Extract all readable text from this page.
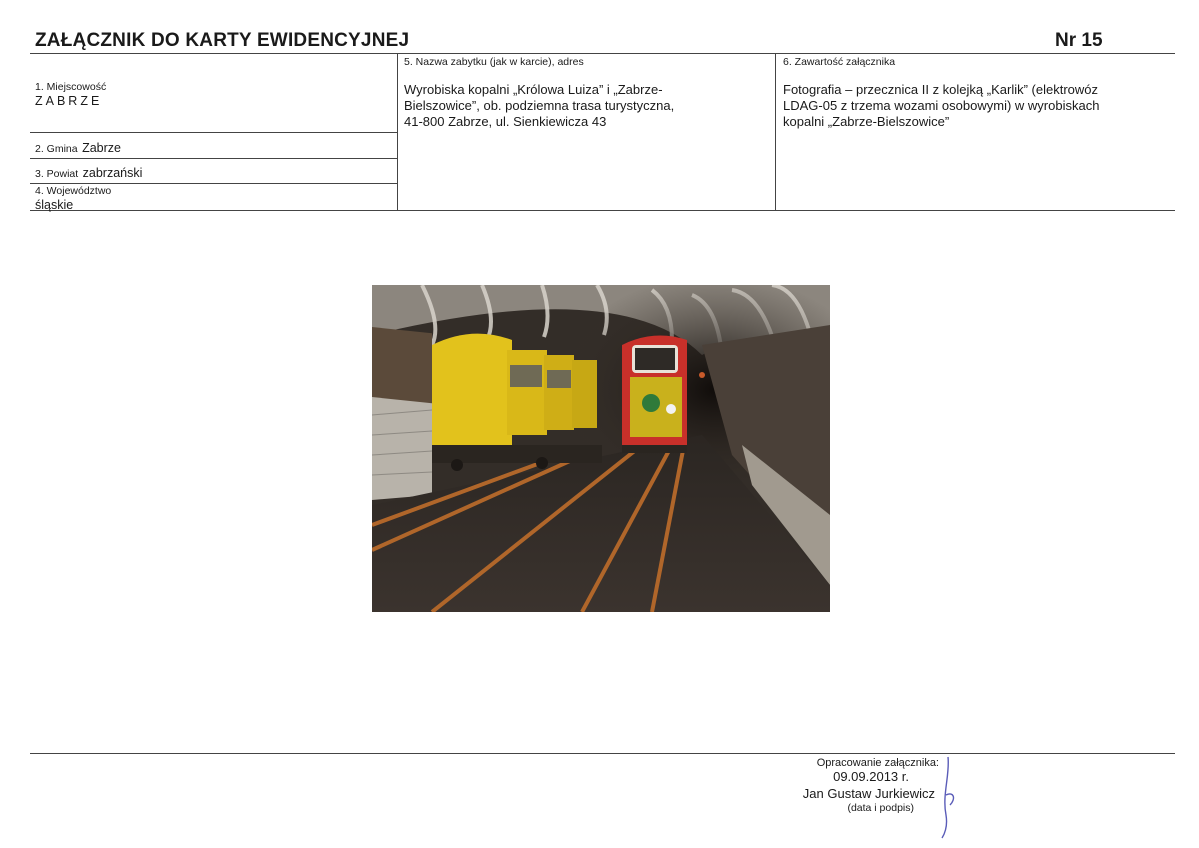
ZAŁĄCZNIK DO KARTY EWIDENCYJNEJ	Nr 15
1. Miejscowość
ZABRZE
2. Gmina Zabrze
3. Powiat zabrzański
4. Województwo
śląskie
5. Nazwa zabytku (jak w karcie), adres
Wyrobiska kopalni „Królowa Luiza” i „Zabrze-
Bielszowice”, ob. podziemna trasa turystyczna,
41-800 Zabrze, ul. Sienkiewicza 43
6. Zawartość załącznika
Fotografia – przecznica II z kolejką „Karlik” (elektrowóz
LDAG-05 z trzema wozami osobowymi) w wyrobiskach
kopalni „Zabrze-Bielszowice”
Opracowanie załącznika:
09.09.2013 r.
Jan Gustaw Jurkiewicz
(data i podpis)
